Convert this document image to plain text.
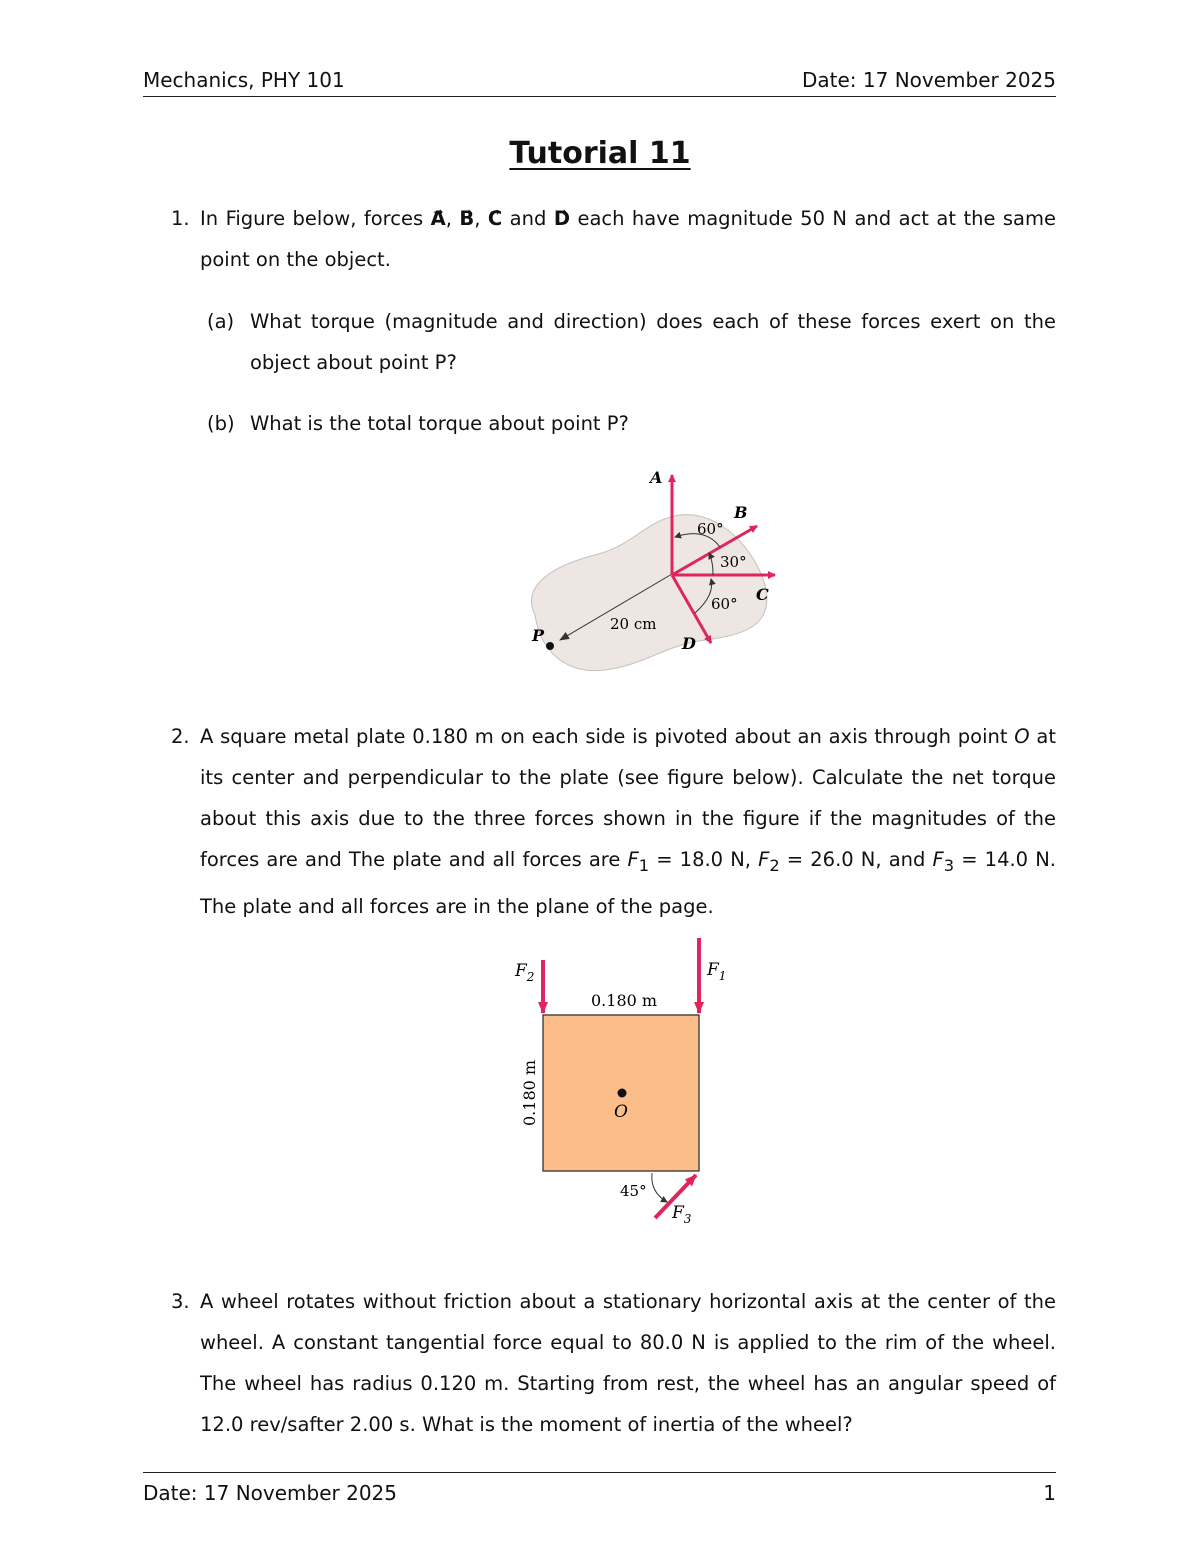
Mechanics, PHY 101	Date: 17 November 2025
Tutorial 11
1. In Figure below, forces → A, → B, → C and → D each have magnitude 50 N and act at the same point on the object.
(a) What torque (magnitude and direction) does each of these forces exert on the object about point P?
(b) What is the total torque about point P?
P
20 cm
A
B
C
D
60°
30°
60°
2. A square metal plate 0.180 m on each side is pivoted about an axis through point O at its center and perpendicular to the plate (see figure below). Calculate the net torque about this axis due to the three forces shown in the figure if the magnitudes of the forces are and The plate and all forces are $F_1 = 18.0$ N, $F_2 = 26.0$ N, and $F_3 = 14.0$ N. The plate and all forces are in the plane of the page.
O
0.180 m
0.180 m
$F_2$	$F_1$
$F_3$
45°
3. A wheel rotates without friction about a stationary horizontal axis at the center of the wheel. A constant tangential force equal to 80.0 N is applied to the rim of the wheel. The wheel has radius 0.120 m. Starting from rest, the wheel has an angular speed of 12.0 rev/safter 2.00 s. What is the moment of inertia of the wheel?
Date: 17 November 2025	1
